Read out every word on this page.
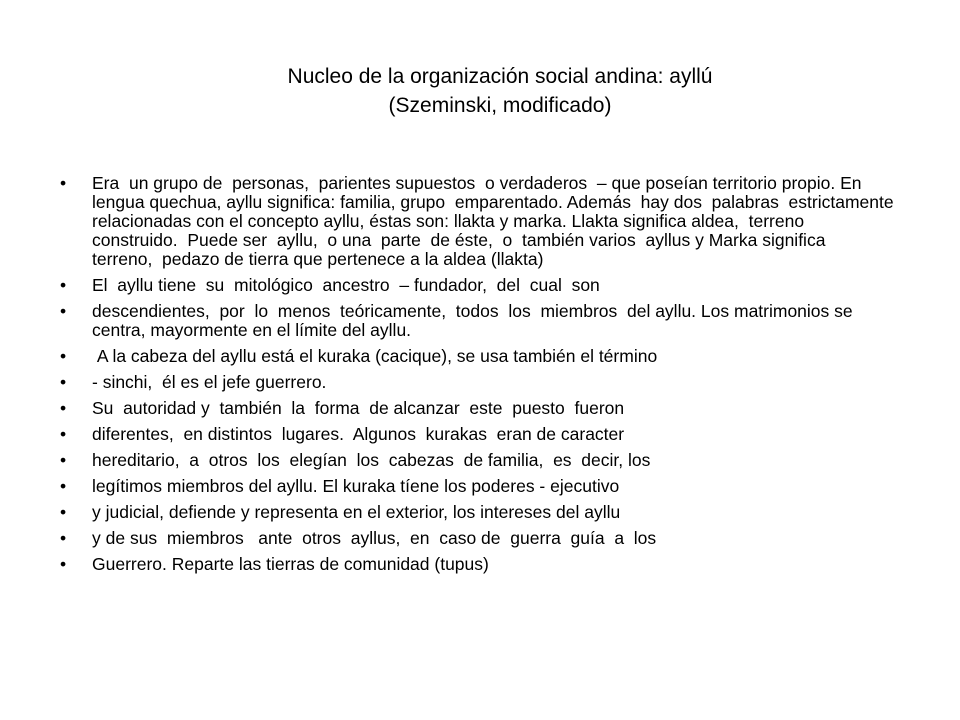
Nucleo de la organización social andina: ayllú
(Szeminski, modificado)
•	Era  un grupo de  personas,  parientes supuestos  o verdaderos  – que poseían territorio propio. En lengua quechua, ayllu significa: familia, grupo  emparentado. Además  hay dos  palabras  estrictamente relacionadas con el concepto ayllu, éstas son: llakta y marka. Llakta significa aldea,  terreno  construido.  Puede ser  ayllu,  o una  parte  de éste,  o  también varios  ayllus y Marka significa  terreno,  pedazo de tierra que pertenece a la aldea (llakta)
•	El  ayllu tiene  su  mitológico  ancestro  – fundador,  del  cual  son
•	descendientes,  por  lo  menos  teóricamente,  todos  los  miembros  del ayllu. Los matrimonios se centra, mayormente en el límite del ayllu.
•	A la cabeza del ayllu está el kuraka (cacique), se usa también el término
•	- sinchi,  él es el jefe guerrero.
•	Su  autoridad y  también  la  forma  de alcanzar  este  puesto  fueron
•	diferentes,  en distintos  lugares.  Algunos  kurakas  eran de caracter
•	hereditario,  a  otros  los  elegían  los  cabezas  de familia,  es  decir, los
•	legítimos miembros del ayllu. El kuraka tíene los poderes - ejecutivo
•	y judicial, defiende y representa en el exterior, los intereses del ayllu
•	y de sus  miembros   ante  otros  ayllus,  en  caso de  guerra  guía  a  los
•	Guerrero. Reparte las tierras de comunidad (tupus)
